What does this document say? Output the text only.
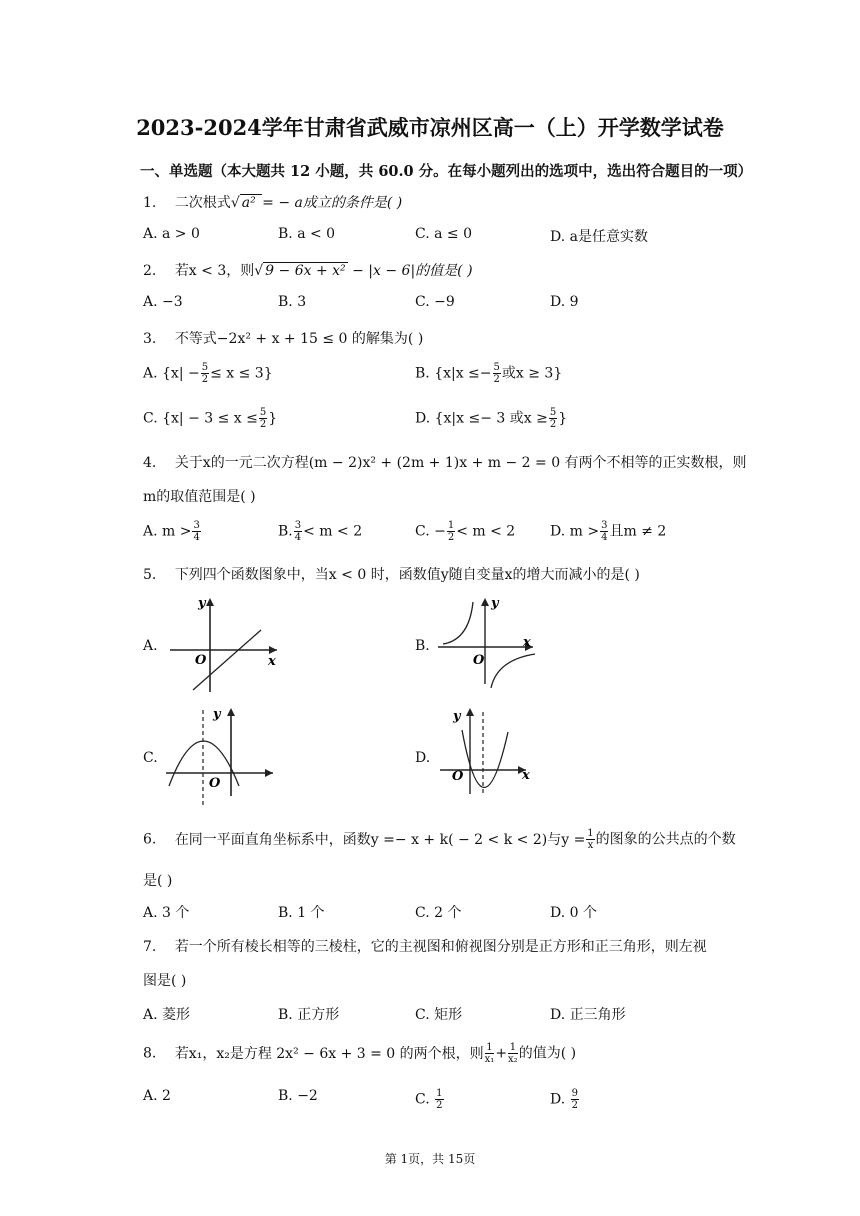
2023-2024学年甘肃省武威市凉州区高一（上）开学数学试卷
一、单选题（本大题共 12 小题，共 60.0 分。在每小题列出的选项中，选出符合题目的一项）
1. 二次根式√ a² = − a成立的条件是( )
A. a > 0	B. a < 0	C. a ≤ 0	D. a是任意实数
2. 若x < 3，则√ 9 − 6x + x² − |x − 6|的值是( )
A. −3	B. 3	C. −9	D. 9
3. 不等式−2x² + x + 15 ≤ 0 的解集为( )
A. $\{x| - \frac{5}{2} \le x \le 3\}$	B. {$x|x \le- \frac{5}{2}$ 或x ≥ 3}
C. {$x| - 3 \le x \le \frac{5}{2}$ }	D. {x|x ≤− 3 或$x \ge \frac{5}{2}$ }
4. 关于x的一元二次方程(m − 2)x² + (2m + 1)x + m − 2 = 0 有两个不相等的正实数根，则
m的取值范围是( )
A. $m > \frac{3}{4}$	B. $\frac{3}{4} < m < 2$	C. − $\frac{1}{2} < m < 2$ D. $m > \frac{3}{4}$ 且m ≠ 2
5. 下列四个函数图象中，当x < 0 时，函数值y随自变量x的增大而减小的是( )
A.
y
x
O
B.
y
x
O
C.
y
O
D.
y
x
O
6. 在同一平面直角坐标系中，函数y =− x + k( − 2 < k < 2)与$y = \frac{1}{x}$ 的图象的公共点的个数
是( )
A. 3 个	B. 1 个	C. 2 个	D. 0 个
7. 若一个所有棱长相等的三棱柱，它的主视图和俯视图分别是正方形和正三角形，则左视
图是( )
A. 菱形	B. 正方形	C. 矩形	D. 正三角形
8. 若x₁，x₂是方程 2x² − 6x + 3 = 0 的两个根，则 $\frac{1}{\text{x₁}} + \frac{1}{\text{x₂}}$ 的值为( )
A. 2	B. −2	C. $\frac{1}{2}$	D. $\frac{9}{2}$
第 1页，共 15页
